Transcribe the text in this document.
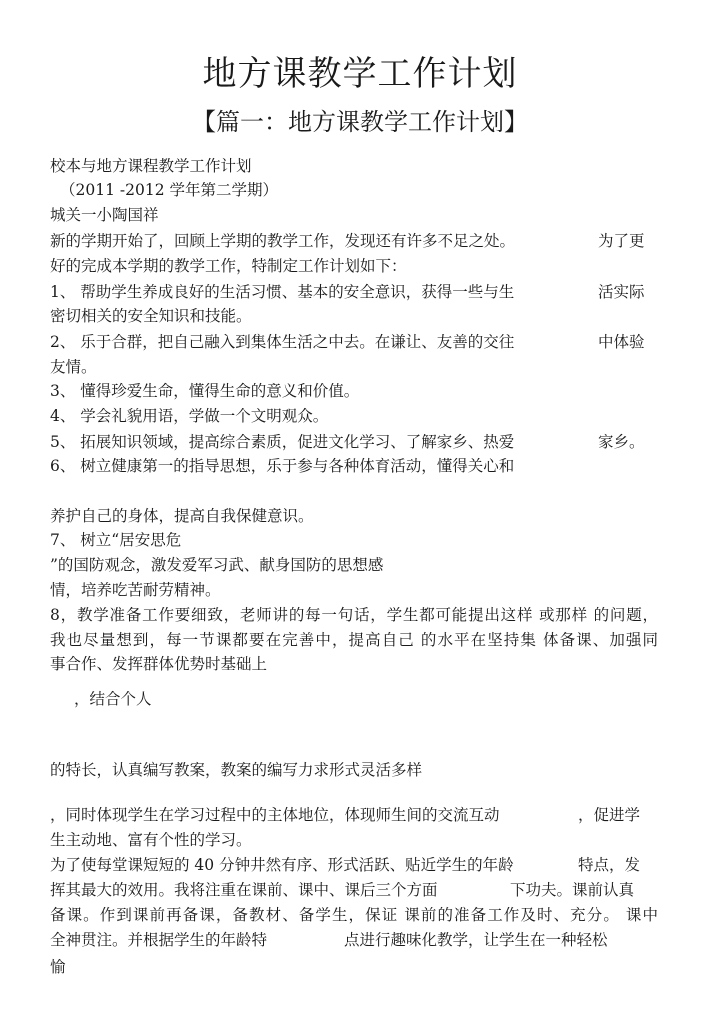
地方课教学工作计划
【篇一：地方课教学工作计划】
校本与地方课程教学工作计划
（2011 -2012 学年第二学期）
城关一小陶国祥
新的学期开始了，回顾上学期的教学工作，发现还有许多不足之处。	为了更
好的完成本学期的教学工作，特制定工作计划如下：
1、 帮助学生养成良好的生活习惯、基本的安全意识，获得一些与生	活实际
密切相关的安全知识和技能。
2、 乐于合群，把自己融入到集体生活之中去。在谦让、友善的交往	中体验
友情。
3、 懂得珍爱生命，懂得生命的意义和价值。
4、 学会礼貌用语，学做一个文明观众。
5、 拓展知识领域，提高综合素质，促进文化学习、了解家乡、热爱	家乡。
6、 树立健康第一的指导思想，乐于参与各种体育活动，懂得关心和
养护自己的身体，提高自我保健意识。
7、 树立“居安思危
”的国防观念，激发爱军习武、献身国防的思想感
情，培养吃苦耐劳精神。
8，教学准备工作要细致，老师讲的每一句话，学生都可能提出这样 或那样 的问题，
我也尽量想到，每一节课都要在完善中，提高自己 的水平在坚持集 体备课、加强同
事合作、发挥群体优势时基础上
，结合个人
的特长，认真编写教案，教案的编写力求形式灵活多样
，同时体现学生在学习过程中的主体地位，体现师生间的交流互动	，促进学
生主动地、富有个性的学习。
为了使每堂课短短的 40 分钟井然有序、形式活跃、贴近学生的年龄	特点，发
挥其最大的效用。我将注重在课前、课中、课后三个方面	下功夫。课前认真
备课。作到课前再备课，备教材、备学生，保证 课前的准备工作及时、充分。 课中
全神贯注。并根据学生的年龄特	点进行趣味化教学，让学生在一种轻松
愉
